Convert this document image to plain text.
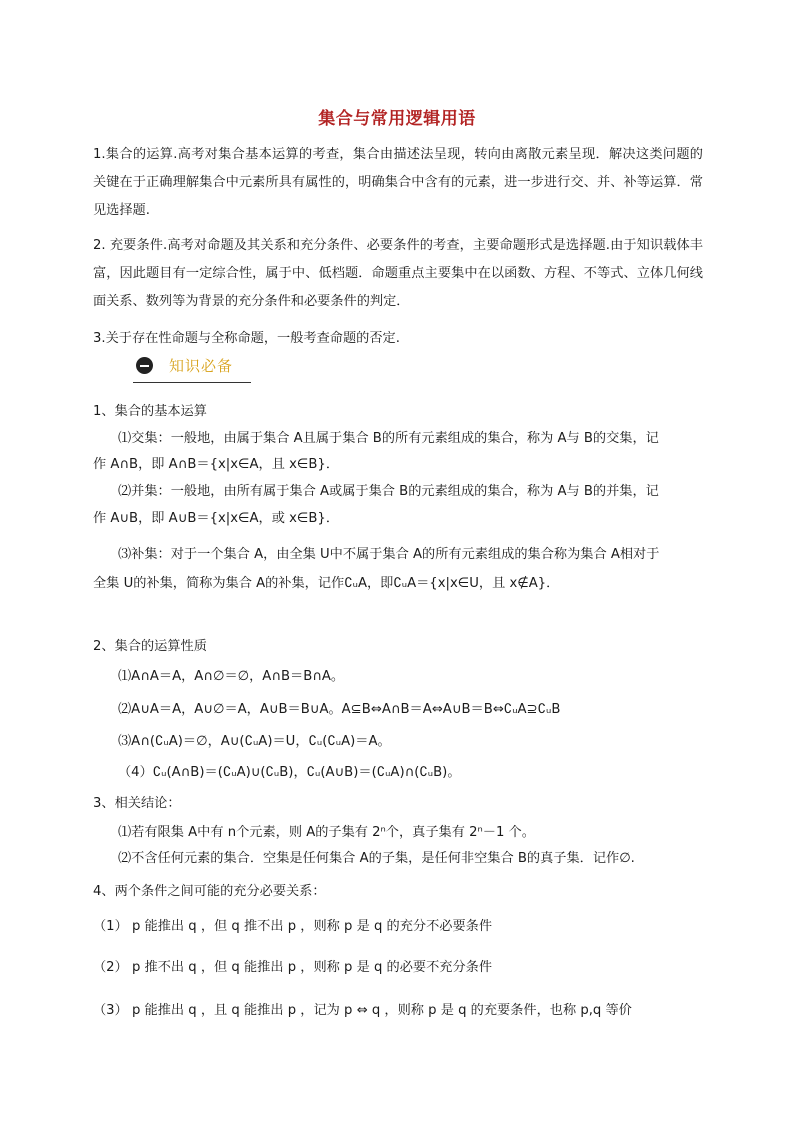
集合与常用逻辑用语
1.集合的运算.高考对集合基本运算的考查，集合由描述法呈现，转向由离散元素呈现．解决这类问题的关键在于正确理解集合中元素所具有属性的，明确集合中含有的元素，进一步进行交、并、补等运算．常见选择题.
2. 充要条件.高考对命题及其关系和充分条件、必要条件的考查，主要命题形式是选择题.由于知识载体丰富，因此题目有一定综合性，属于中、低档题．命题重点主要集中在以函数、方程、不等式、立体几何线面关系、数列等为背景的充分条件和必要条件的判定．
3.关于存在性命题与全称命题，一般考查命题的否定.
知识必备
1、集合的基本运算
⑴交集：一般地，由属于集合 A且属于集合 B的所有元素组成的集合，称为 A与 B的交集，记
作 A∩B，即 A∩B＝{x|x∈A，且 x∈B}．
⑵并集：一般地，由所有属于集合 A或属于集合 B的元素组成的集合，称为 A与 B的并集，记
作 A∪B，即 A∪B＝{x|x∈A，或 x∈B}．
⑶补集：对于一个集合 A，由全集 U中不属于集合 A的所有元素组成的集合称为集合 A相对于
全集 U的补集，简称为集合 A的补集，记作∁ᵤA，即∁ᵤA＝{x|x∈U，且 x∉A}．
2、集合的运算性质
⑴A∩A＝A，A∩∅＝∅，A∩B＝B∩A。
⑵A∪A＝A，A∪∅＝A，A∪B＝B∪A。A⊆B⇔A∩B＝A⇔A∪B＝B⇔∁ᵤA⊇∁ᵤB
⑶A∩(∁ᵤA)＝∅，A∪(∁ᵤA)＝U，∁ᵤ(∁ᵤA)＝A。
（4）∁ᵤ(A∩B)＝(∁ᵤA)∪(∁ᵤB)，∁ᵤ(A∪B)＝(∁ᵤA)∩(∁ᵤB)。
3、相关结论：
⑴若有限集 A中有 n个元素，则 A的子集有 2ⁿ个，真子集有 2ⁿ－1 个。
⑵不含任何元素的集合．空集是任何集合 A的子集，是任何非空集合 B的真子集．记作∅.
4、两个条件之间可能的充分必要关系：
（1） p 能推出 q ，但 q 推不出 p ，则称 p 是 q 的充分不必要条件
（2） p 推不出 q ，但 q 能推出 p ，则称 p 是 q 的必要不充分条件
（3） p 能推出 q ，且 q 能推出 p ，记为 p ⇔ q ，则称 p 是 q 的充要条件，也称 p,q 等价
